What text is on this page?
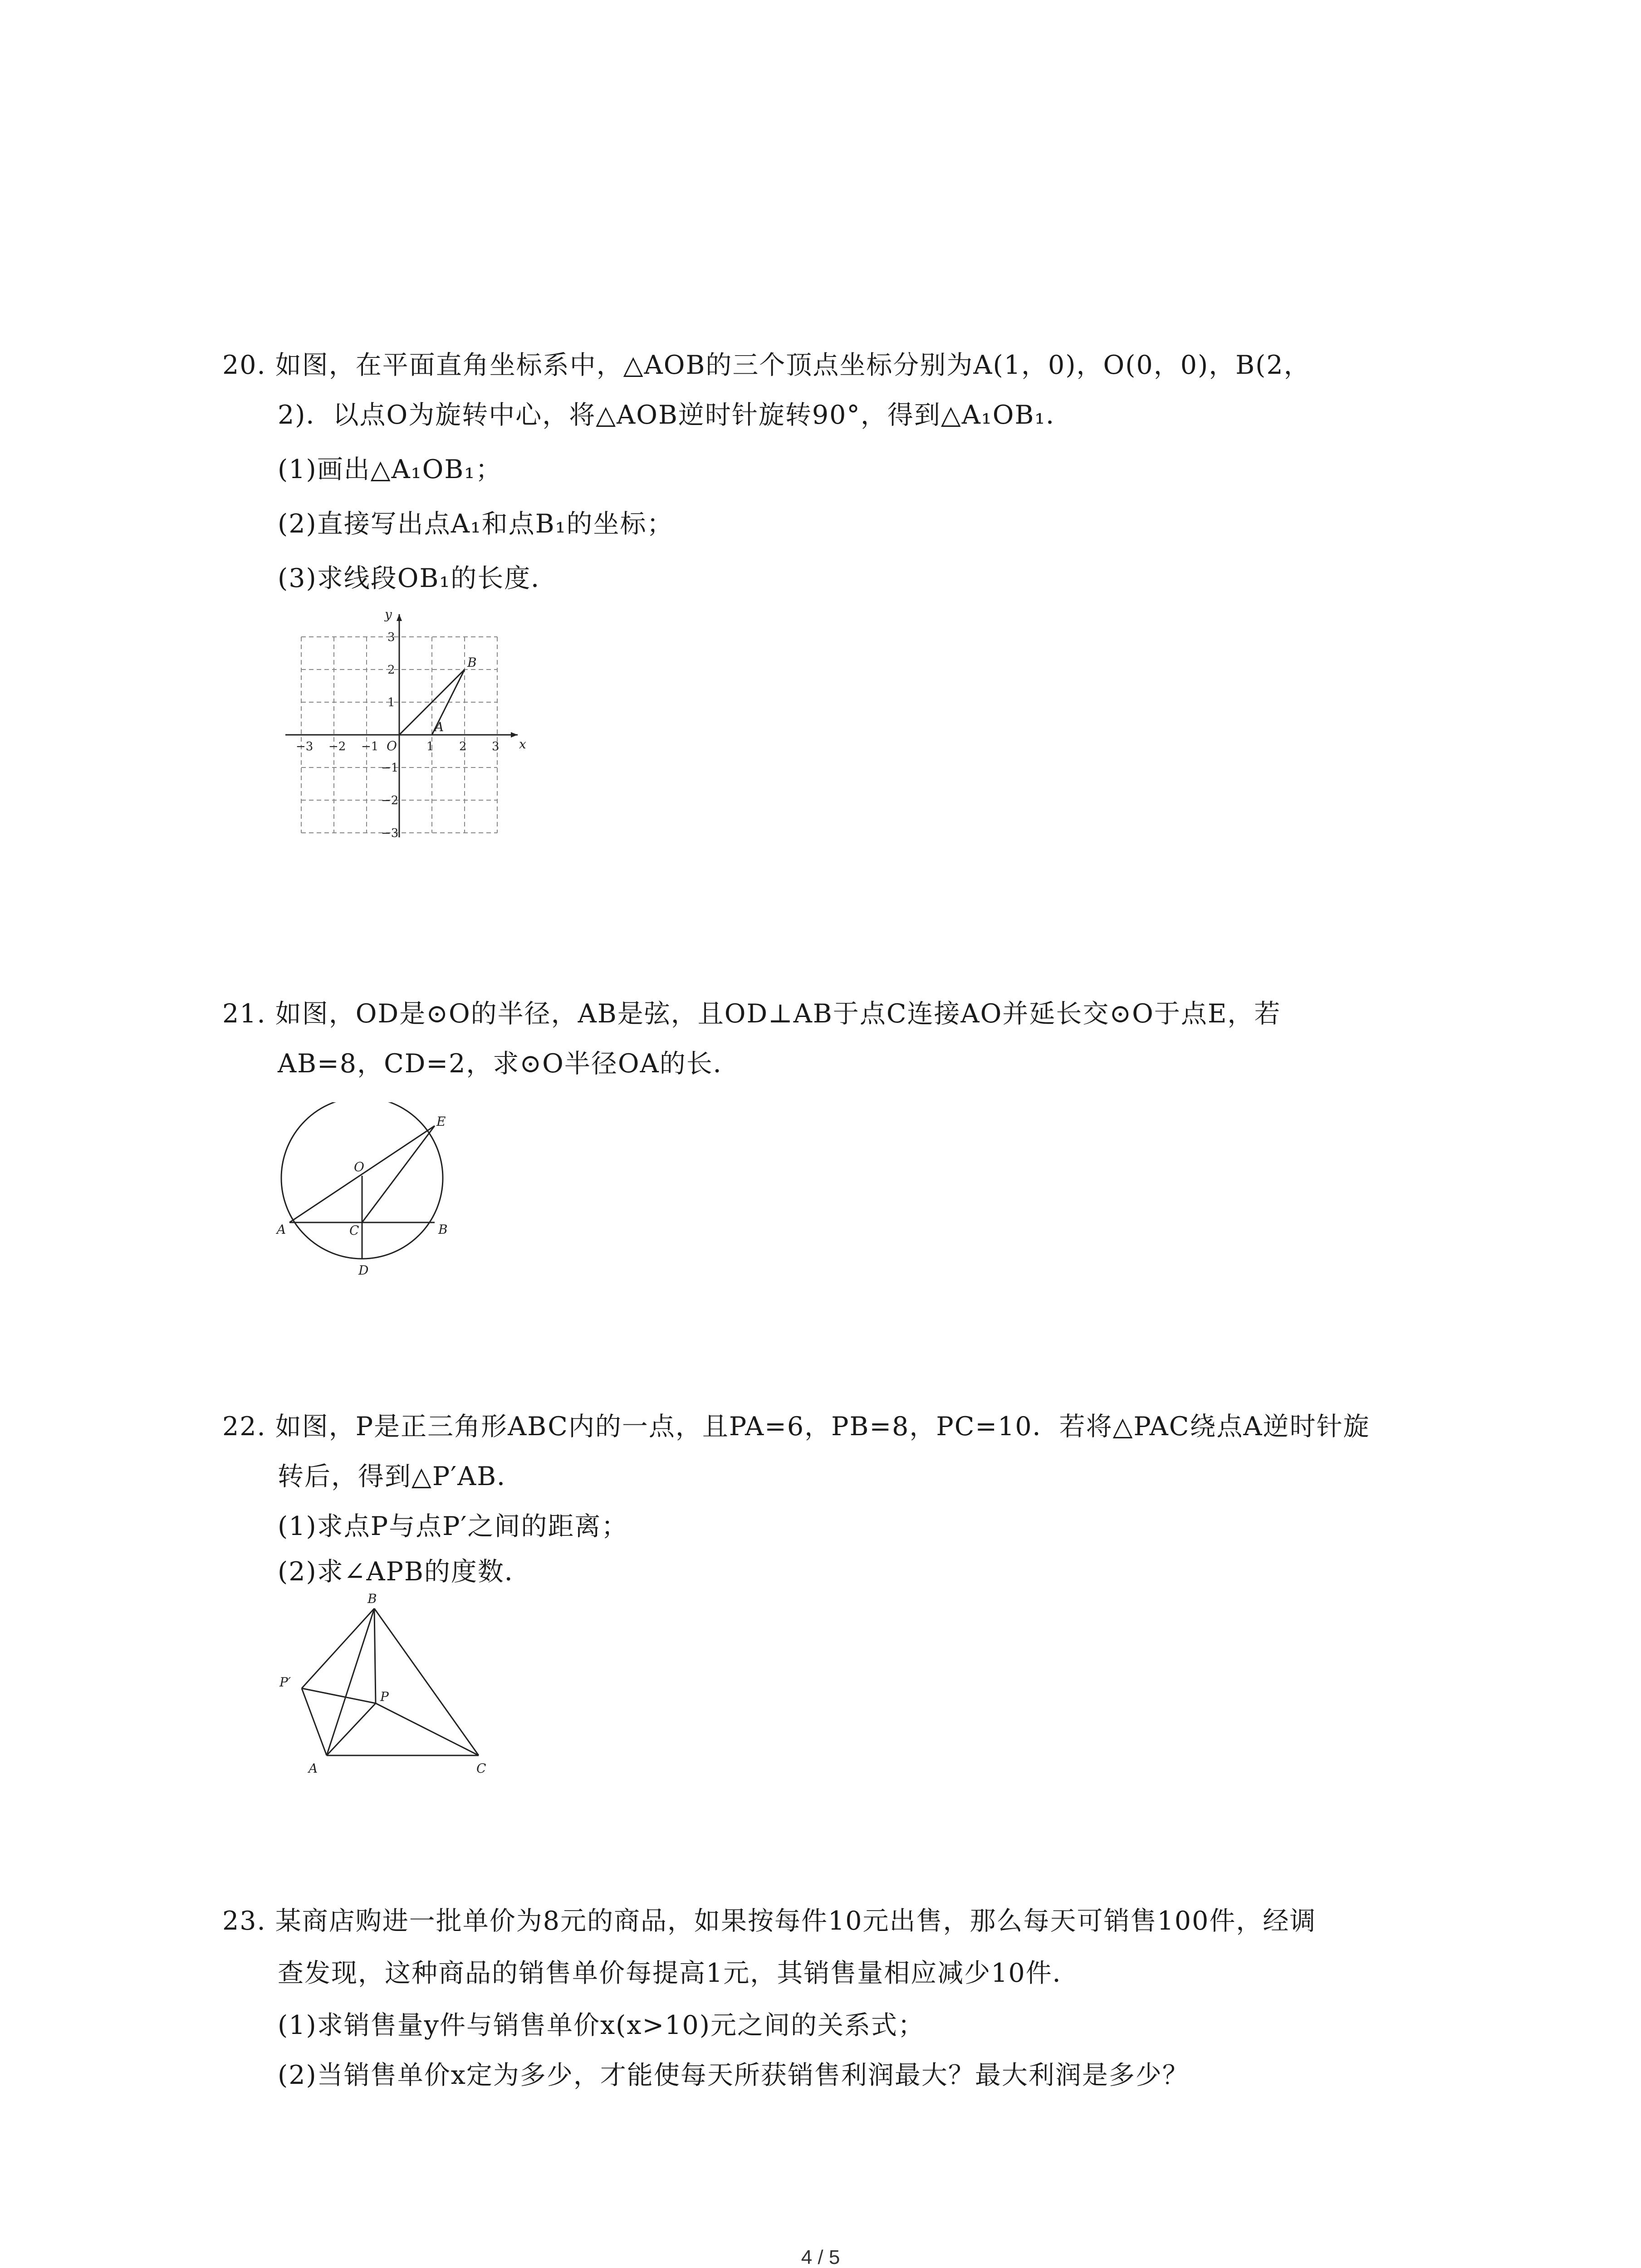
20. 如图，在平面直角坐标系中，△AOB的三个顶点坐标分别为A(1，0)，O(0，0)，B(2，
2)．以点O为旋转中心，将△AOB逆时针旋转90°，得到△A₁OB₁．
(1)画出△A₁OB₁；
(2)直接写出点A₁和点B₁的坐标；
(3)求线段OB₁的长度．
−3 −2 −1	1 2 3
3
2
1
−1
−2
−3
A
B
O	x
y
21. 如图，OD是⊙O的半径，AB是弦，且OD⊥AB于点C连接AO并延长交⊙O于点E，若
AB=8，CD=2，求⊙O半径OA的长．
O
E
A	C	B
D
22. 如图，P是正三角形ABC内的一点，且PA=6，PB=8，PC=10．若将△PAC绕点A逆时针旋
转后，得到△P′AB．
(1)求点P与点P′之间的距离；
(2)求∠APB的度数．
B
P′
P
A	C
23. 某商店购进一批单价为8元的商品，如果按每件10元出售，那么每天可销售100件，经调
查发现，这种商品的销售单价每提高1元，其销售量相应减少10件．
(1)求销售量y件与销售单价x(x>10)元之间的关系式；
(2)当销售单价x定为多少，才能使每天所获销售利润最大？最大利润是多少？
4 / 5
